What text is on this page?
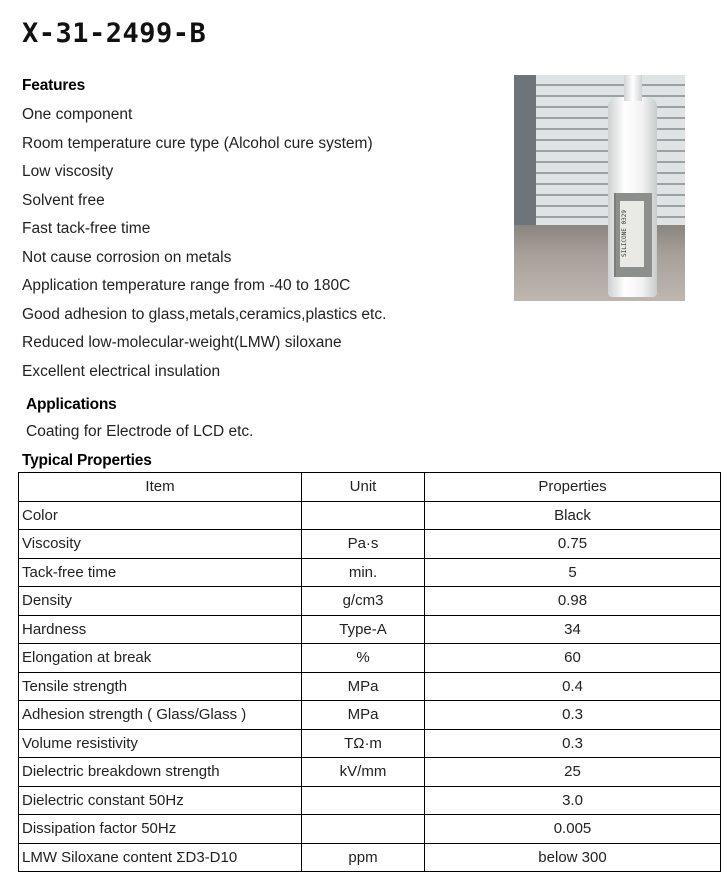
X-31-2499-B
Features
One component
Room temperature cure type (Alcohol cure system)
Low viscosity
Solvent free
Fast tack-free time
Not cause corrosion on metals
Application temperature range from -40 to 180C
Good adhesion to glass,metals,ceramics,plastics etc.
Reduced low-molecular-weight(LMW) siloxane
Excellent electrical insulation
SILICONE 0329
Applications
Coating for Electrode of LCD etc.
Typical Properties
Item	Unit	Properties
Color		Black
Viscosity	Pa·s	0.75
Tack-free time	min.	5
Density	g/cm3	0.98
Hardness	Type-A	34
Elongation at break	%	60
Tensile strength	MPa	0.4
Adhesion strength ( Glass/Glass )	MPa	0.3
Volume resistivity	TΩ·m	0.3
Dielectric breakdown strength	kV/mm	25
Dielectric constant 50Hz		3.0
Dissipation factor 50Hz		0.005
LMW Siloxane content ΣD3-D10	ppm	below 300
